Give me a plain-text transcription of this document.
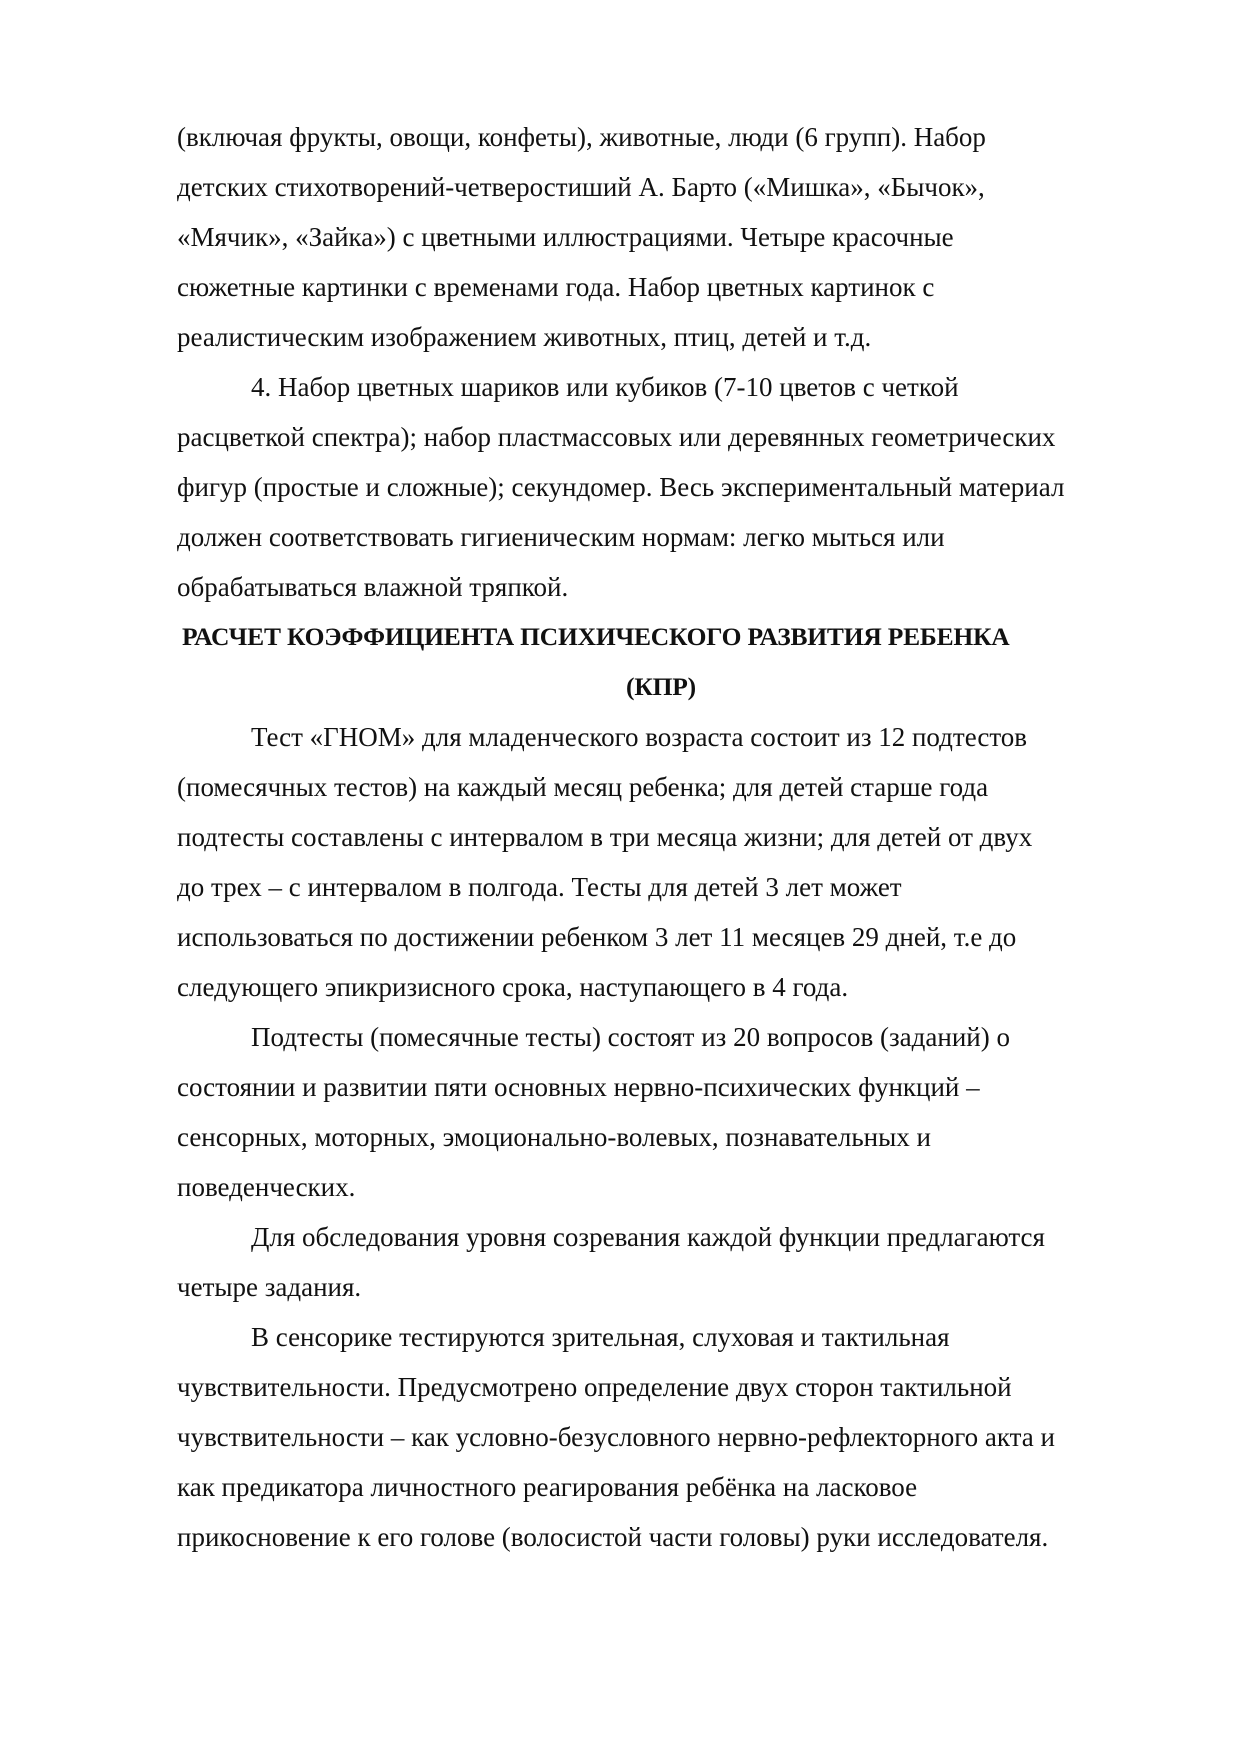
(включая фрукты, овощи, конфеты), животные, люди (6 групп). Набор
детских стихотворений-четверостиший А. Барто («Мишка», «Бычок»,
«Мячик», «Зайка») с цветными иллюстрациями. Четыре красочные
сюжетные картинки с временами года. Набор цветных картинок с
реалистическим изображением животных, птиц, детей и т.д.
4. Набор цветных шариков или кубиков (7-10 цветов с четкой
расцветкой спектра); набор пластмассовых или деревянных геометрических
фигур (простые и сложные); секундомер. Весь экспериментальный материал
должен соответствовать гигиеническим нормам: легко мыться или
обрабатываться влажной тряпкой.
РАСЧЕТ КОЭФФИЦИЕНТА ПСИХИЧЕСКОГО РАЗВИТИЯ РЕБЕНКА
(КПР)
Тест «ГНОМ» для младенческого возраста состоит из 12 подтестов
(помесячных тестов) на каждый месяц ребенка; для детей старше года
подтесты составлены с интервалом в три месяца жизни; для детей от двух
до трех – с интервалом в полгода. Тесты для детей 3 лет может
использоваться по достижении ребенком 3 лет 11 месяцев 29 дней, т.е до
следующего эпикризисного срока, наступающего в 4 года.
Подтесты (помесячные тесты) состоят из 20 вопросов (заданий) о
состоянии и развитии пяти основных нервно-психических функций –
сенсорных, моторных, эмоционально-волевых, познавательных и
поведенческих.
Для обследования уровня созревания каждой функции предлагаются
четыре задания.
В сенсорике тестируются зрительная, слуховая и тактильная
чувствительности. Предусмотрено определение двух сторон тактильной
чувствительности – как условно-безусловного нервно-рефлекторного акта и
как предикатора личностного реагирования ребёнка на ласковое
прикосновение к его голове (волосистой части головы) руки исследователя.
